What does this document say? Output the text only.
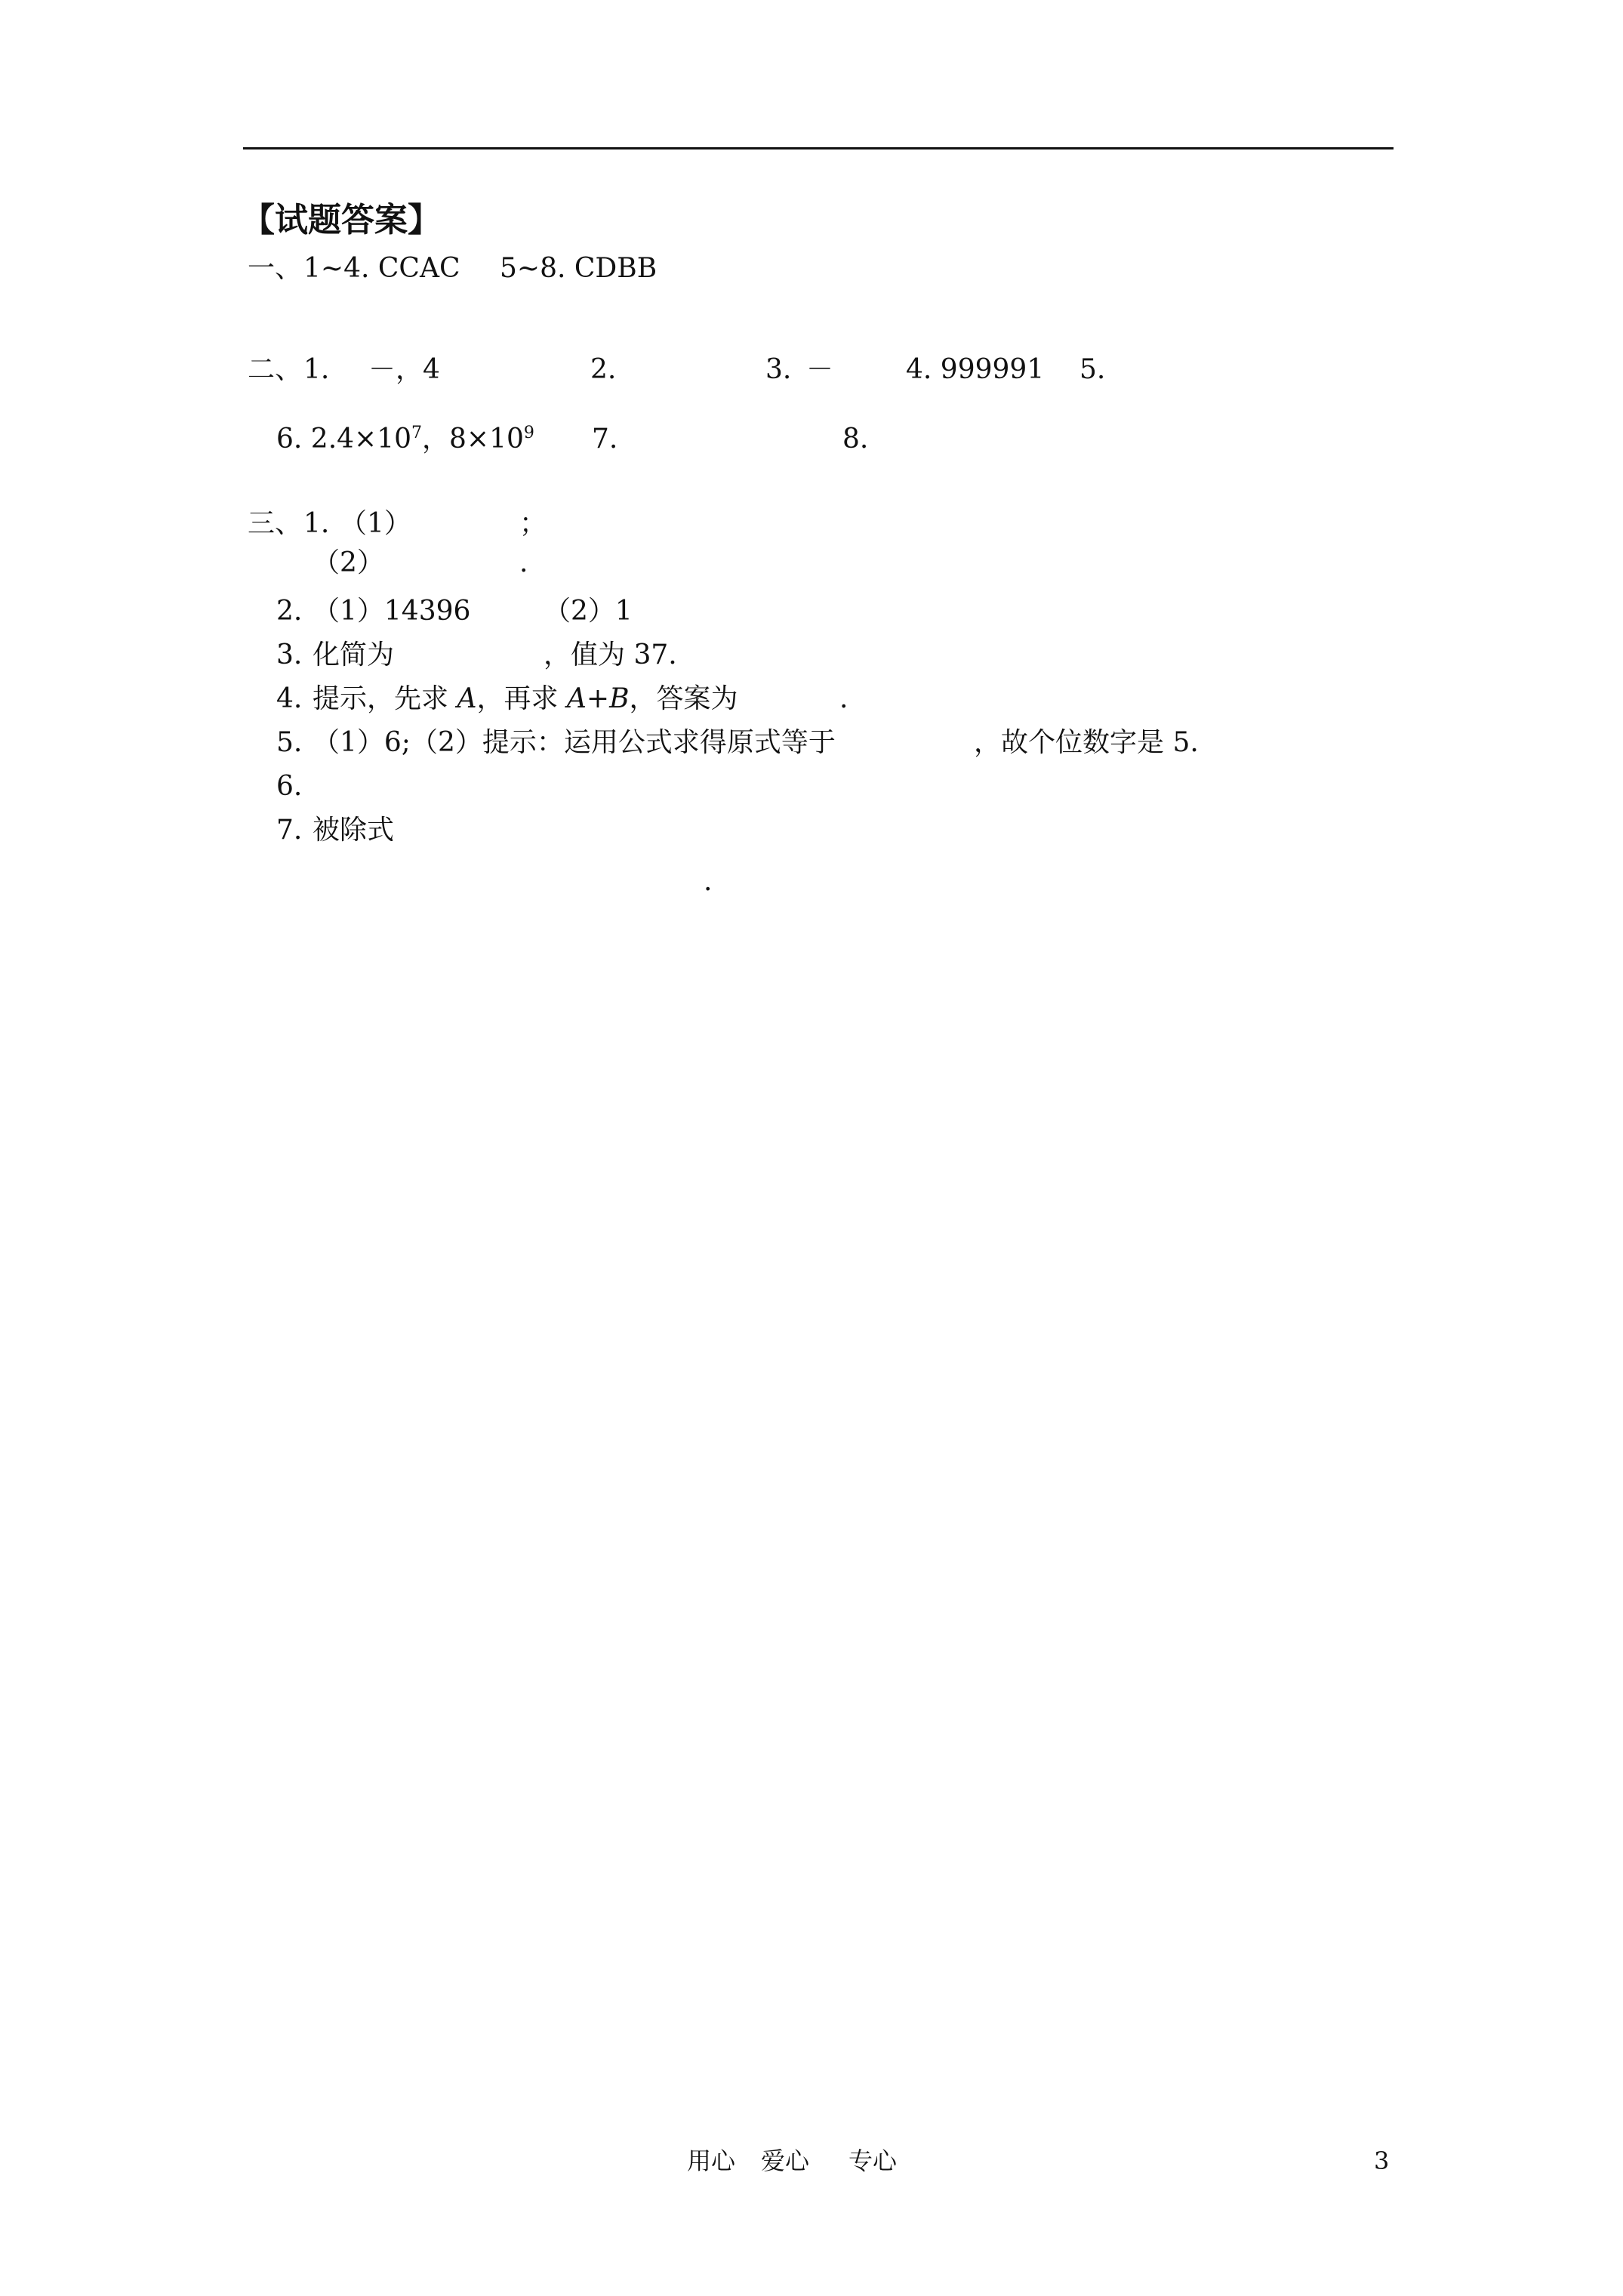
【试题答案】
一、 1~4. CCAC 5~8. CDBB
二、 1. －，4	2.	3. －	4. 999991 5.
6. $2.4\times 10^7$，$8\times 10^9$ 7.	8.
三、 1. （1）	；
（2）	.
2. （1）14396	（2）1
3. 化简为	，值为 37.
4. 提示，先求 A，再求 A+B，答案为	.
5. （1）6;（2）提示：运用公式求得原式等于	，故个位数字是 5.
6.
7. 被除式
.
用心 爱心 专心	3
